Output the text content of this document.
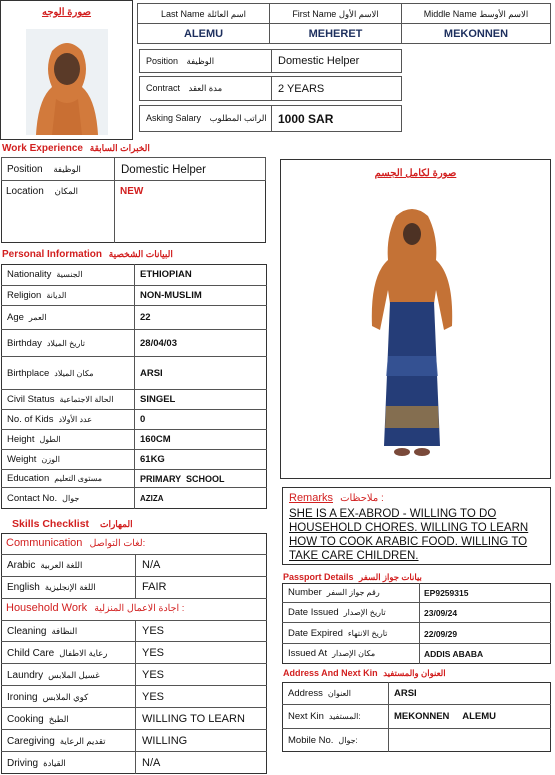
صورة الوجه	Last Name اسم العائلة	First Name الاسم الأول	Middle Name الاسم الأوسط
ALEMU	MEHERET	MEKONNEN
Position الوظيفة	Domestic Helper
Contract مدة العقد	2 YEARS
Asking Salary الراتب المطلوب 1000 SAR
Work Experience الخبرات السابقة
Position الوظيفة	Domestic Helper
Location المكان	NEW
صورة لكامل الجسم
Personal Information البيانات الشخصية
Nationality الجنسية	ETHIOPIAN
Religion الديانة	NON-MUSLIM
Age العمر	22
Birthday تاريخ الميلاد	28/04/03
Birthplace مكان الميلاد	ARSI
Civil Status الحالة الاجتماعية	SINGEL
No. of Kids عدد الأولاد	0
Height الطول	160CM
Weight الوزن	61KG
Education مستوى التعليم	PRIMARY  SCHOOL
Contact No. جوال	AZIZA	Remarks ملاحظات :
SHE IS A EX-ABROD - WILLING TO DO HOUSEHOLD CHORES. WILLING TO LEARN HOW TO COOK ARABIC FOOD. WILLING TO TAKE CARE CHILDREN.
Skills Checklist المهارات
Communication لغات التواصل:
Household Work اجادة الاعمال المنزلية :
Arabic اللغة العربية	N/A
English اللغة الإنجليزية	FAIR
Cleaning النظافة	YES
Child Care رعاية الاطفال	YES
Laundry غسيل الملابس	YES
Ironing كوي الملابس	YES
Cooking الطبخ	WILLING TO LEARN
Caregiving تقديم الرعاية	WILLING
Driving القيادة	N/A
Passport Details بيانات جواز السفر
Number رقم جواز السفر	EP9259315
Date Issued تاريخ الإصدار	23/09/24
Date Expired تاريخ الانتهاء	22/09/29
Issued At مكان الإصدار	ADDIS ABABA
Address And Next Kin العنوان والمستفيد
Address العنوان	ARSI
Next Kin المستفيد:	MEKONNEN     ALEMU
Mobile No. جوال:
